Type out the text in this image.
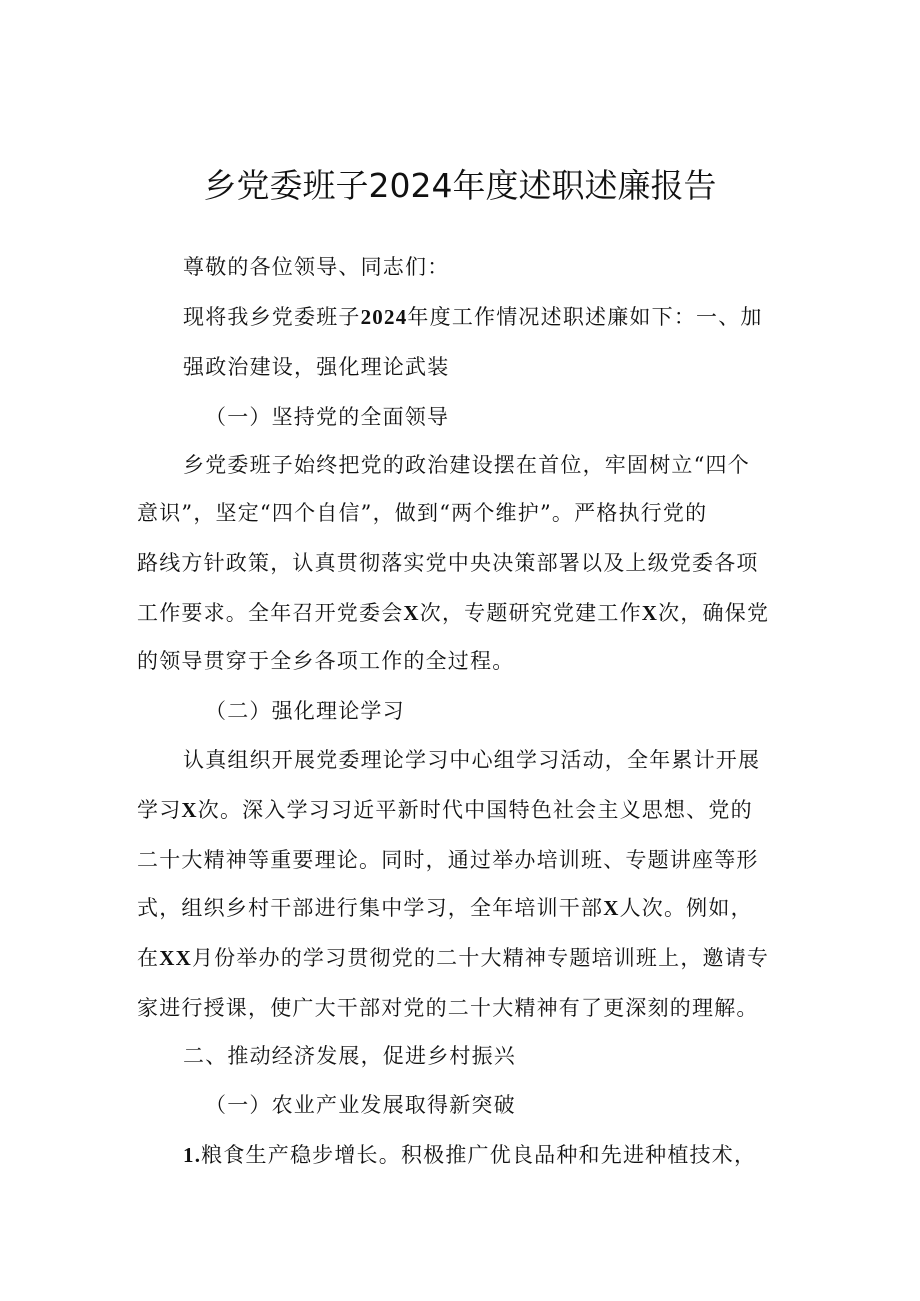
乡党委班子2024年度述职述廉报告
尊敬的各位领导、同志们：
现将我乡党委班子2024年度工作情况述职述廉如下：一、加
强政治建设，强化理论武装
（一）坚持党的全面领导
乡党委班子始终把党的政治建设摆在首位，牢固树立“四个
意识”，坚定“四个自信”，做到“两个维护”。严格执行党的
路线方针政策，认真贯彻落实党中央决策部署以及上级党委各项
工作要求。全年召开党委会X次，专题研究党建工作X次，确保党
的领导贯穿于全乡各项工作的全过程。
（二）强化理论学习
认真组织开展党委理论学习中心组学习活动，全年累计开展
学习X次。深入学习习近平新时代中国特色社会主义思想、党的
二十大精神等重要理论。同时，通过举办培训班、专题讲座等形
式，组织乡村干部进行集中学习，全年培训干部X人次。例如，
在XX月份举办的学习贯彻党的二十大精神专题培训班上，邀请专
家进行授课，使广大干部对党的二十大精神有了更深刻的理解。
二、推动经济发展，促进乡村振兴
（一）农业产业发展取得新突破
1.粮食生产稳步增长。积极推广优良品种和先进种植技术，
